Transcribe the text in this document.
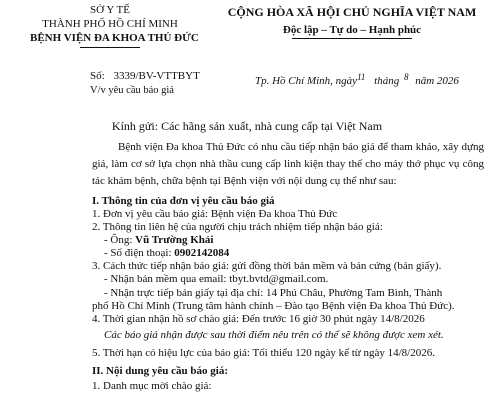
SỞ Y TẾ
THÀNH PHỐ HỒ CHÍ MINH
BỆNH VIỆN ĐA KHOA THỦ ĐỨC
CỘNG HÒA XÃ HỘI CHỦ NGHĨA VIỆT NAM
Độc lập – Tự do – Hạnh phúc
Số: 3339/BV-VTTBYT
V/v yêu cầu báo giá
Tp. Hồ Chí Minh, ngày$^{11}$ tháng $^8$ năm 2026
Kính gửi: Các hãng sản xuất, nhà cung cấp tại Việt Nam
Bệnh viện Đa khoa Thủ Đức có nhu cầu tiếp nhận báo giá để tham khảo, xây dựng giá, làm cơ sở lựa chọn nhà thầu cung cấp linh kiện thay thế cho máy thở phục vụ công tác khám bệnh, chữa bệnh tại Bệnh viện với nội dung cụ thể như sau:
I. Thông tin của đơn vị yêu cầu báo giá
1. Đơn vị yêu cầu báo giá: Bệnh viện Đa khoa Thủ Đức
2. Thông tin liên hệ của người chịu trách nhiệm tiếp nhận báo giá:
- Ông: Vũ Trường Khải
- Số điện thoại: 0902142084
3. Cách thức tiếp nhận báo giá: gửi đồng thời bản mềm và bản cứng (bản giấy).
- Nhận bản mềm qua email: tbyt.bvtd@gmail.com.
- Nhận trực tiếp bản giấy tại địa chỉ: 14 Phú Châu, Phường Tam Bình, Thành
phố Hồ Chí Minh (Trung tâm hành chính – Đào tạo Bệnh viện Đa khoa Thủ Đức).
4. Thời gian nhận hồ sơ chào giá: Đến trước 16 giờ 30 phút ngày 14/8/2026
Các báo giá nhận được sau thời điểm nêu trên có thể sẽ không được xem xét.
5. Thời hạn có hiệu lực của báo giá: Tối thiểu 120 ngày kể từ ngày 14/8/2026.
II. Nội dung yêu cầu báo giá:
1. Danh mục mời chào giá:
